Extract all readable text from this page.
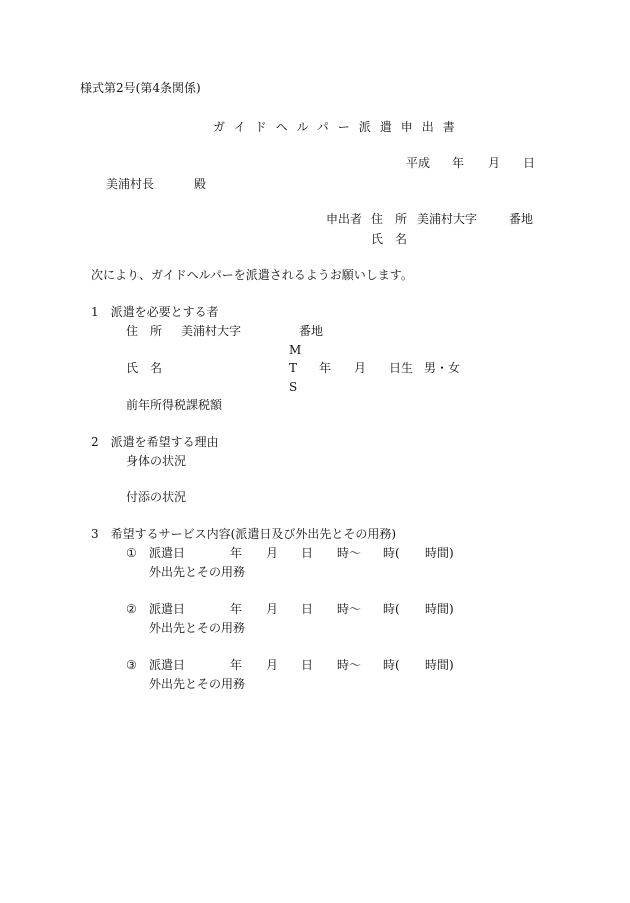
様式第2号(第4条関係)
ガイドヘルパー派遣申出書
平成 年 月 日
美浦村長	殿
申出者 住　所 美浦村大字	番地
氏　名
次により、ガイドヘルパーを派遣されるようお願いします。
1　派遣を必要とする者
住　所 美浦村大字	番地
M
氏　名	T 年 月 日生 男・女
S
前年所得税課税額
2　派遣を希望する理由
身体の状況
付添の状況
3　希望するサービス内容(派遣日及び外出先とその用務)
① 派遣日	年 月 日 時～ 時( 時間)
外出先とその用務
② 派遣日	年 月 日 時～ 時( 時間)
外出先とその用務
③ 派遣日	年 月 日 時～ 時( 時間)
外出先とその用務
